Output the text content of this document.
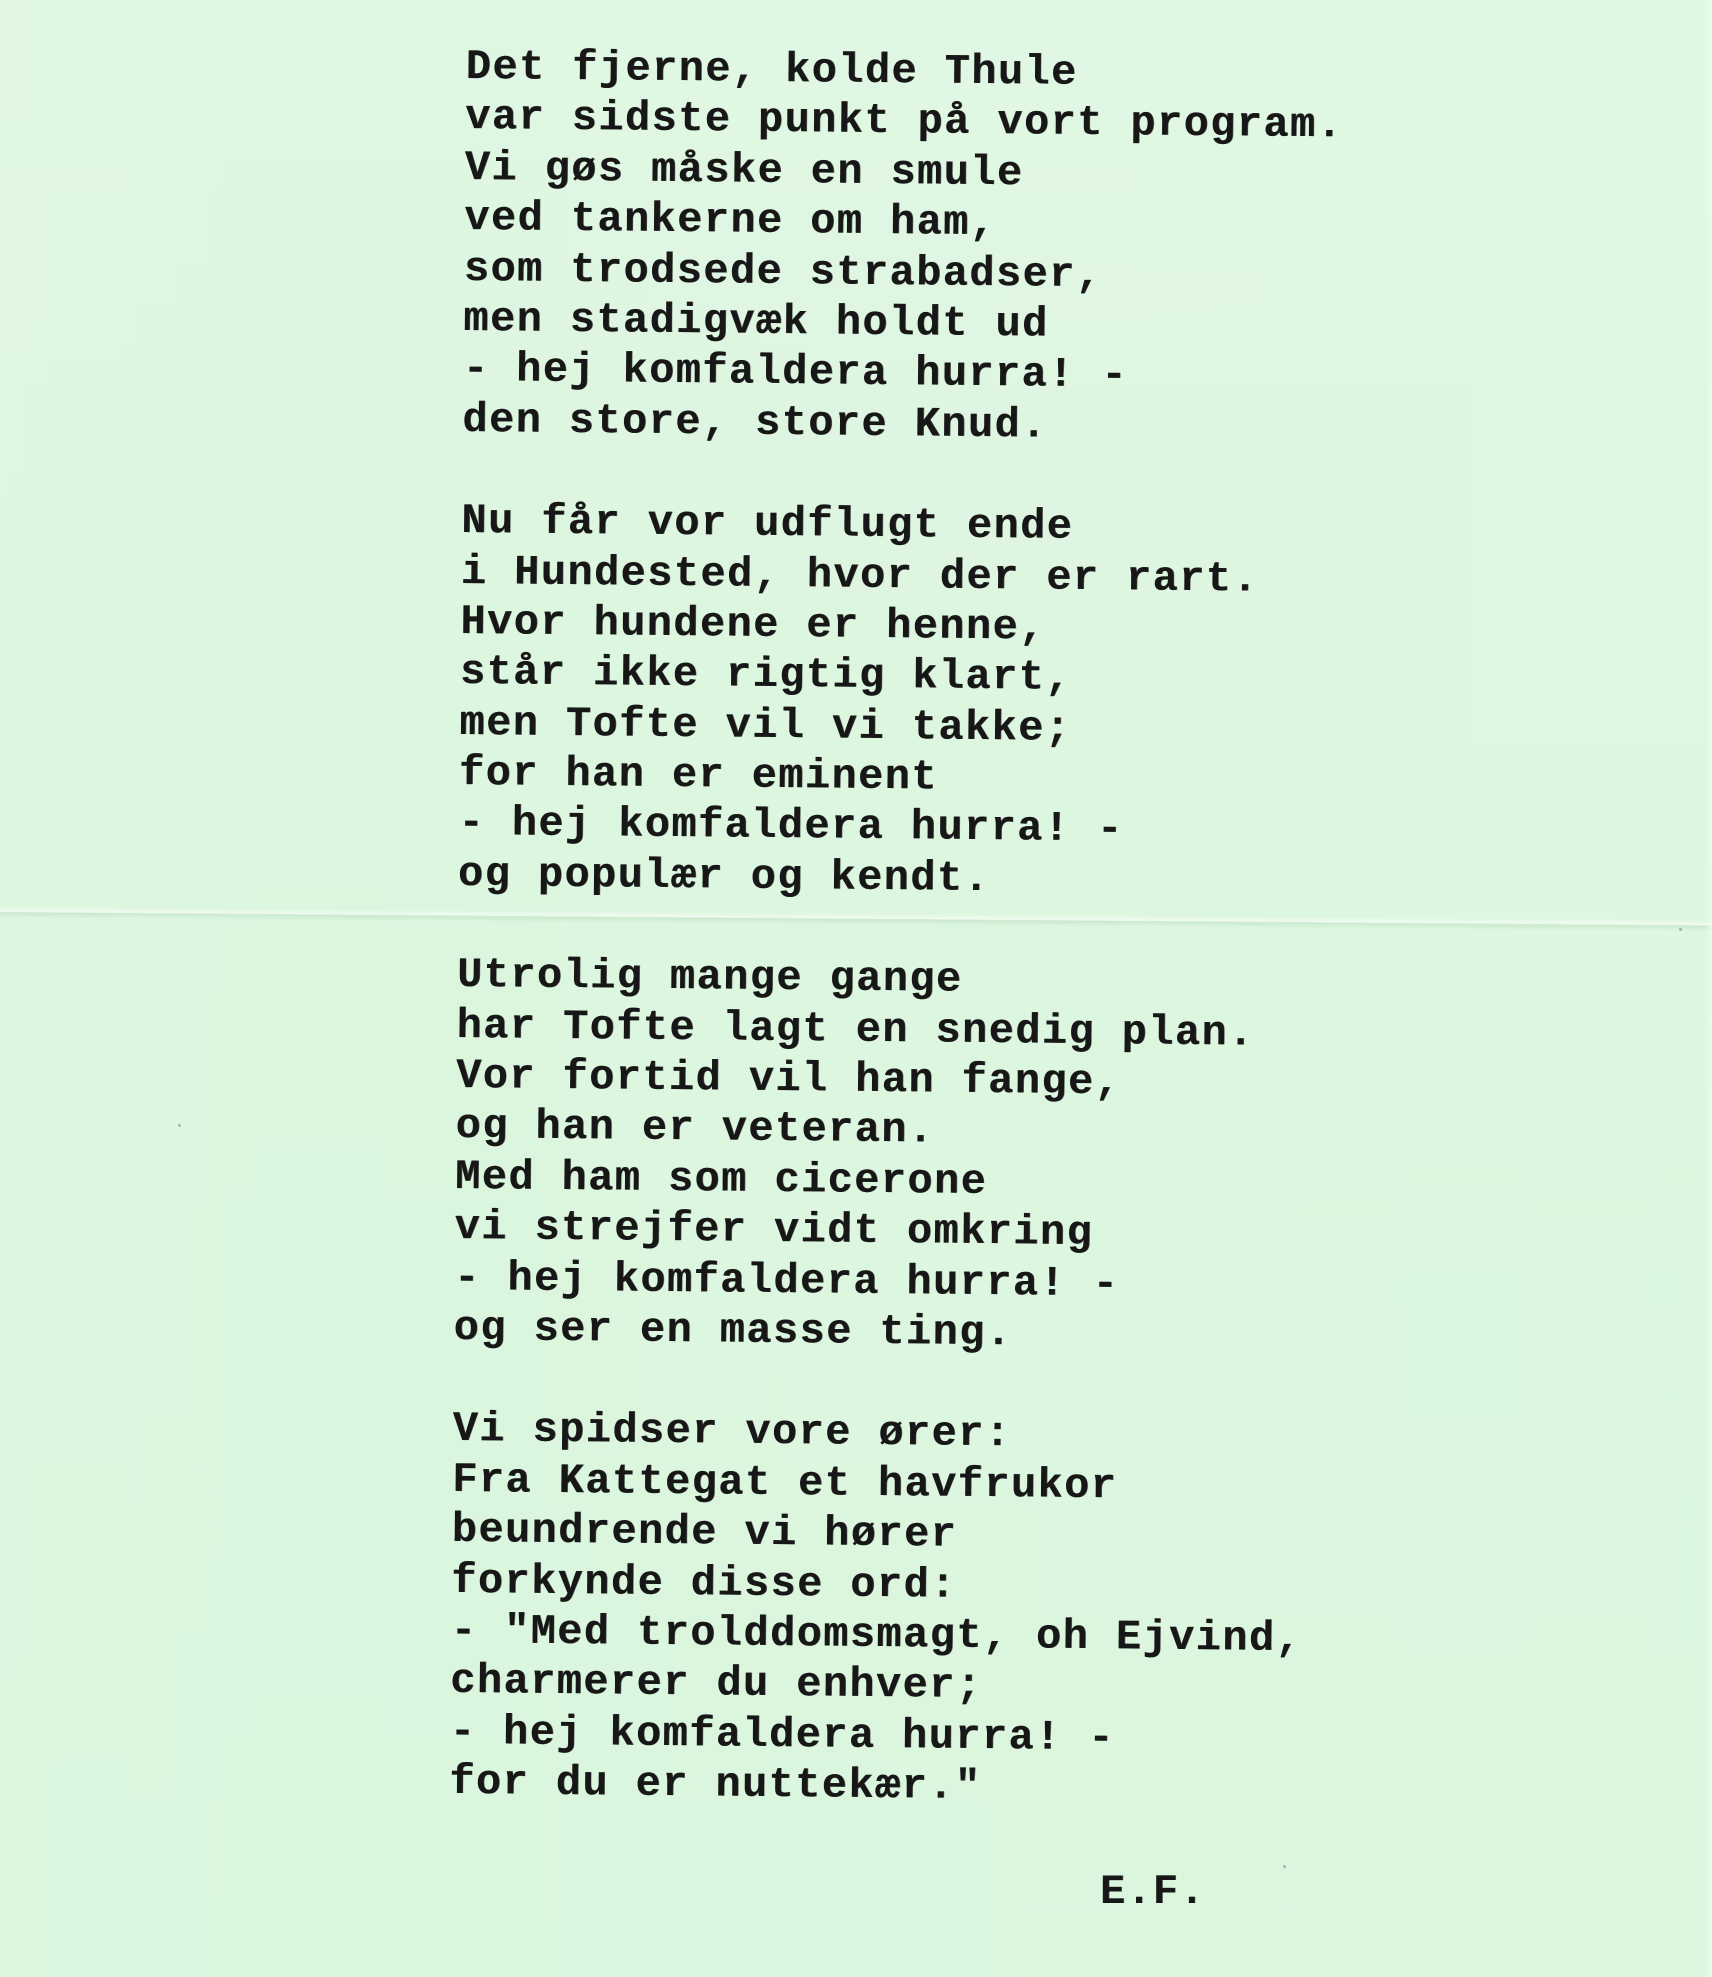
Det fjerne, kolde Thule
var sidste punkt på vort program.
Vi gøs måske en smule
ved tankerne om ham,
som trodsede strabadser,
men stadigvæk holdt ud
- hej komfaldera hurra! -
den store, store Knud.
Nu får vor udflugt ende
i Hundested, hvor der er rart.
Hvor hundene er henne,
står ikke rigtig klart,
men Tofte vil vi takke;
for han er eminent
- hej komfaldera hurra! -
og populær og kendt.
Utrolig mange gange
har Tofte lagt en snedig plan.
Vor fortid vil han fange,
og han er veteran.
Med ham som cicerone
vi strejfer vidt omkring
- hej komfaldera hurra! -
og ser en masse ting.
Vi spidser vore ører:
Fra Kattegat et havfrukor
beundrende vi hører
forkynde disse ord:
- "Med trolddomsmagt, oh Ejvind,
charmerer du enhver;
- hej komfaldera hurra! -
for du er nuttekær."
E.F.
